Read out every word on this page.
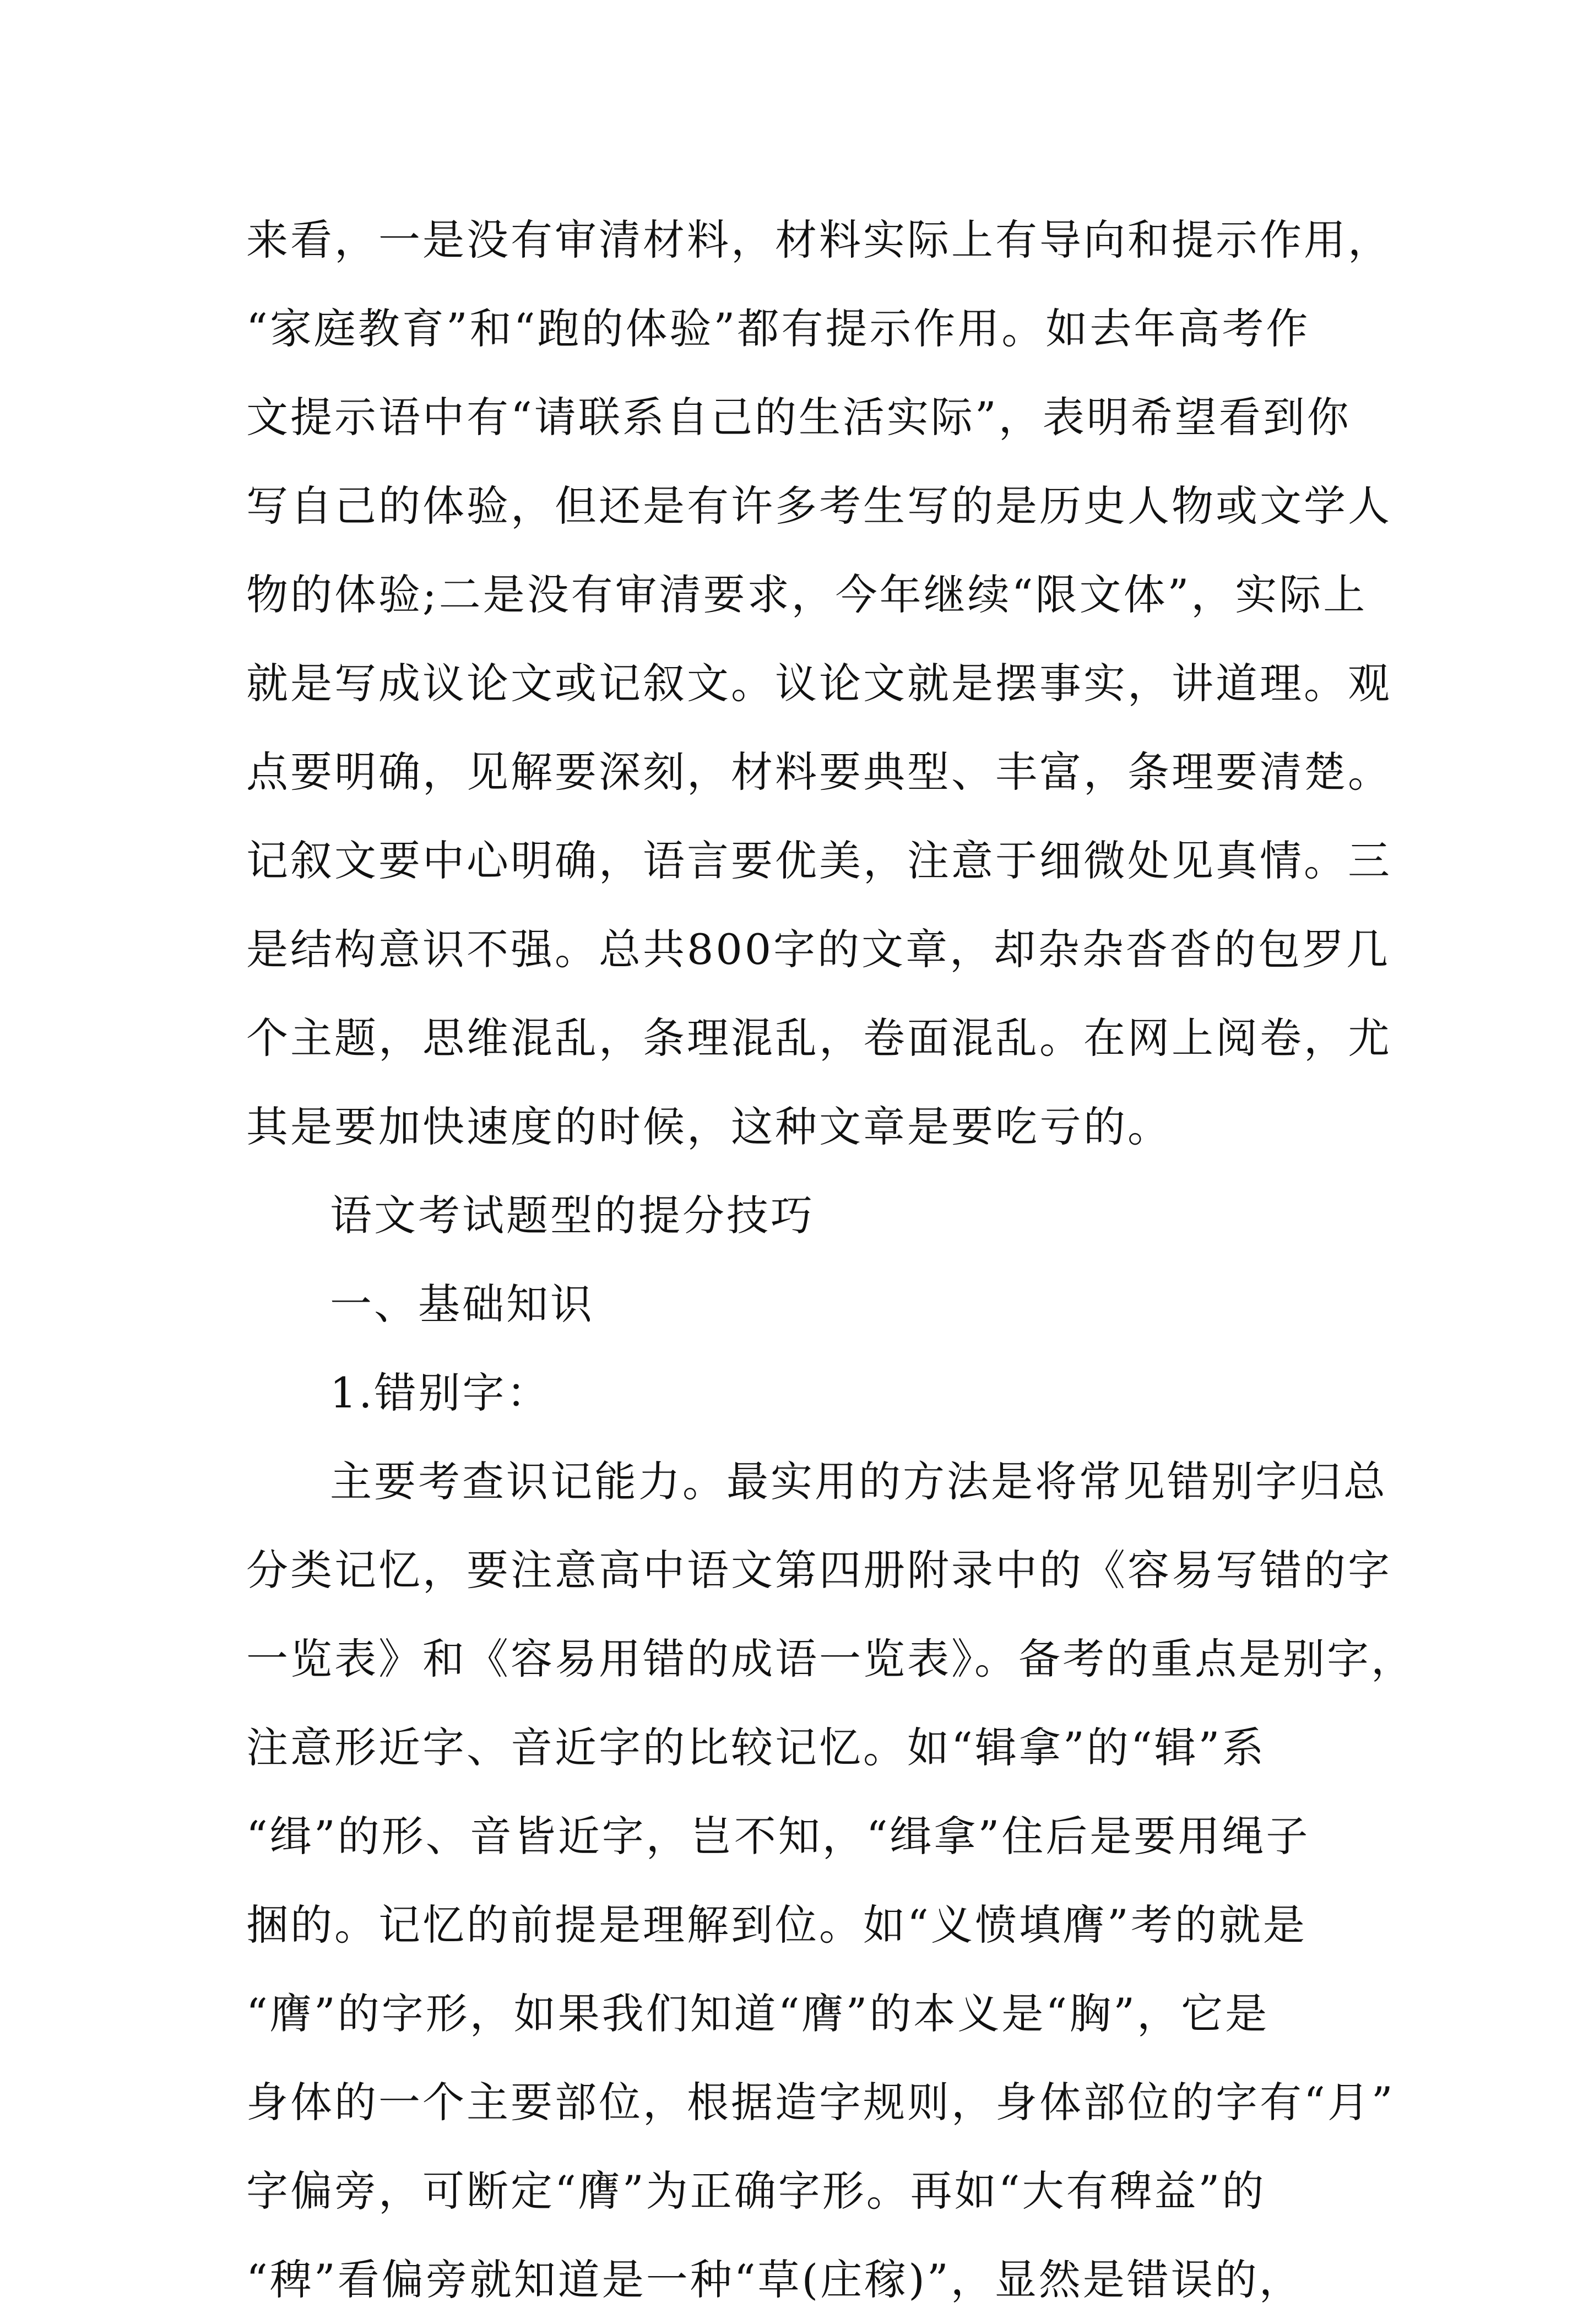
来看，一是没有审清材料，材料实际上有导向和提示作用，

“家庭教育”和“跑的体验”都有提示作用。如去年高考作

文提示语中有“请联系自己的生活实际”，表明希望看到你

写自己的体验，但还是有许多考生写的是历史人物或文学人

物的体验;二是没有审清要求，今年继续“限文体”，实际上

就是写成议论文或记叙文。议论文就是摆事实，讲道理。观

点要明确，见解要深刻，材料要典型、丰富，条理要清楚。

记叙文要中心明确，语言要优美，注意于细微处见真情。三

是结构意识不强。总共800字的文章，却杂杂沓沓的包罗几

个主题，思维混乱，条理混乱，卷面混乱。在网上阅卷，尤

其是要加快速度的时候，这种文章是要吃亏的。

语文考试题型的提分技巧

一、基础知识

1.错别字：

主要考查识记能力。最实用的方法是将常见错别字归总

分类记忆，要注意高中语文第四册附录中的《容易写错的字

一览表》和《容易用错的成语一览表》。备考的重点是别字，

注意形近字、音近字的比较记忆。如“辑拿”的“辑”系

“缉”的形、音皆近字，岂不知，“缉拿”住后是要用绳子

捆的。记忆的前提是理解到位。如“义愤填膺”考的就是

“膺”的字形，如果我们知道“膺”的本义是“胸”，它是

身体的一个主要部位，根据造字规则，身体部位的字有“月”

字偏旁，可断定“膺”为正确字形。再如“大有稗益”的

“稗”看偏旁就知道是一种“草(庄稼)”，显然是错误的，
